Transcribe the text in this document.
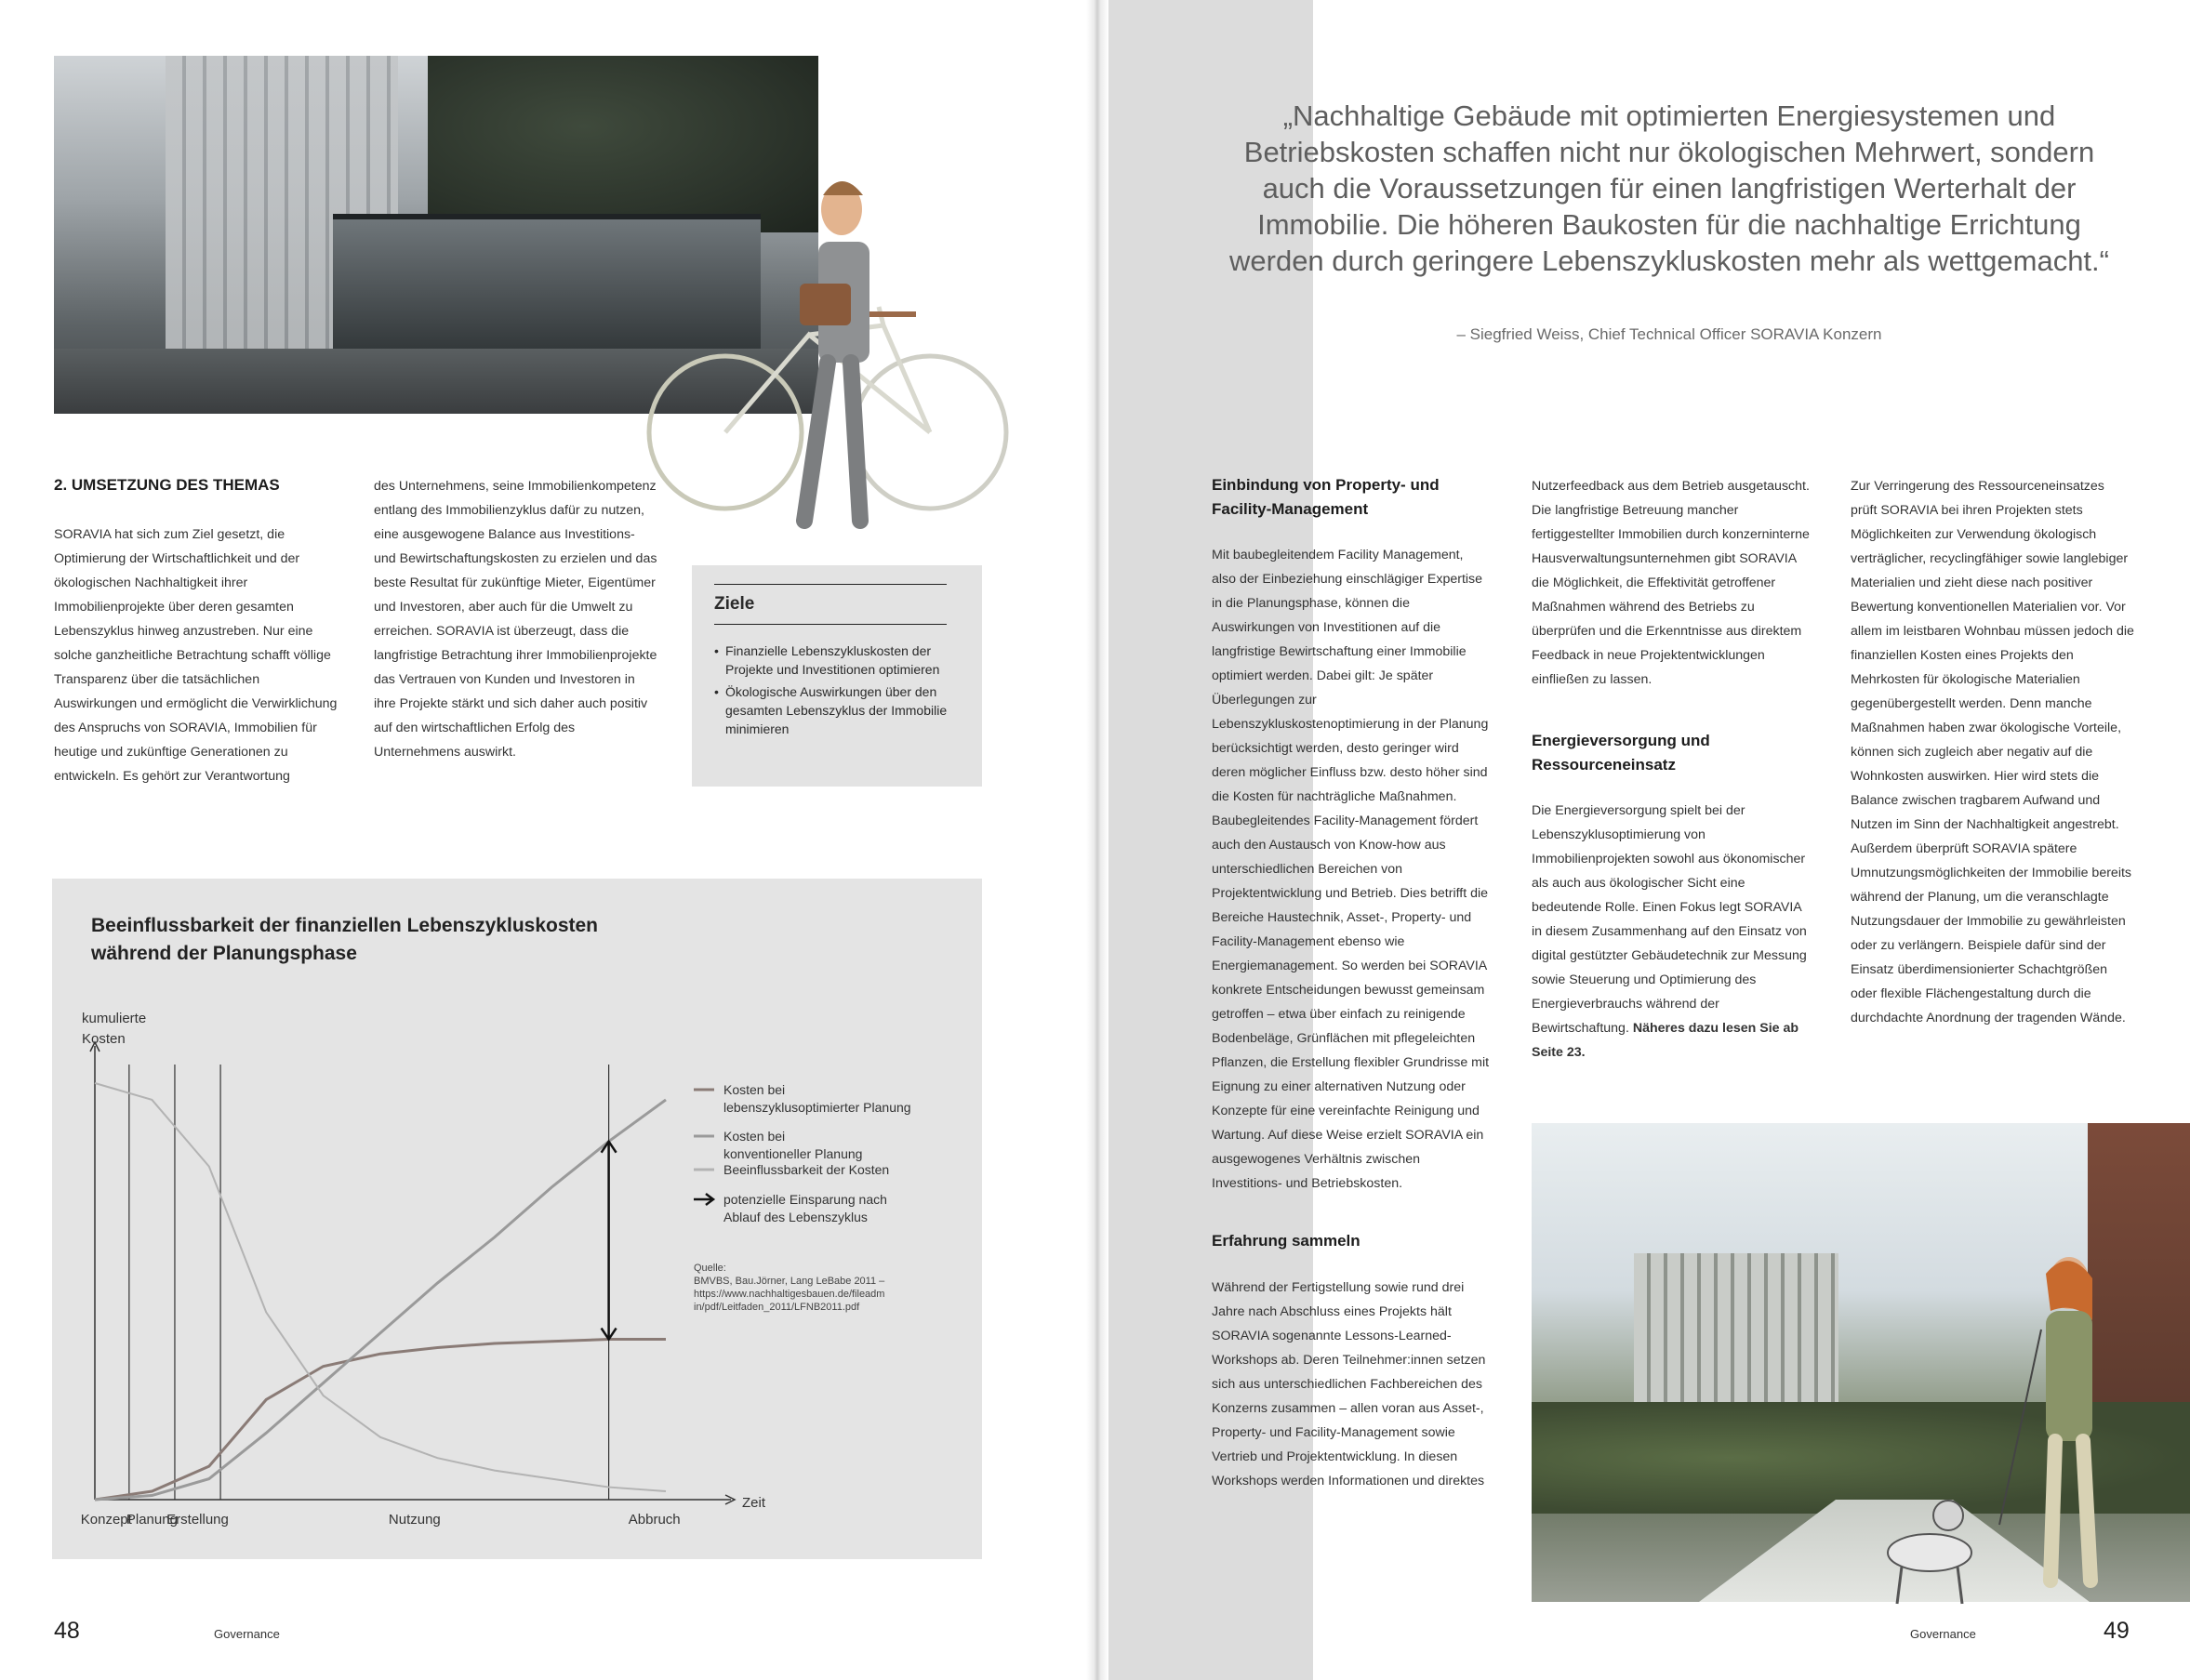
2. UMSETZUNG DES THEMAS

SORAVIA hat sich zum Ziel gesetzt, die Optimierung der Wirtschaftlichkeit und der ökologischen Nachhaltigkeit ihrer Immobilienprojekte über deren gesamten Lebenszyklus hinweg anzustreben. Nur eine solche ganzheitliche Betrachtung schafft völlige Transparenz über die tatsächlichen Auswirkungen und ermöglicht die Verwirklichung des Anspruchs von SORAVIA, Immobilien für heutige und zukünftige Generationen zu entwickeln. Es gehört zur Verantwortung

des Unternehmens, seine Immobilienkompetenz entlang des Immobilienzyklus dafür zu nutzen, eine ausgewogene Balance aus Investitions- und Bewirtschaftungskosten zu erzielen und das beste Resultat für zukünftige Mieter, Eigentümer und Investoren, aber auch für die Umwelt zu erreichen. SORAVIA ist überzeugt, dass die langfristige Betrachtung ihrer Immobilienprojekte das Vertrauen von Kunden und Investoren in ihre Projekte stärkt und sich daher auch positiv auf den wirtschaftlichen Erfolg des Unternehmens auswirkt.

Ziele
• Finanzielle Lebenszykluskosten der Projekte und Investitionen optimieren
• Ökologische Auswirkungen über den gesamten Lebenszyklus der Immobilie minimieren
Beeinflussbarkeit der finanziellen Lebenszykluskosten während der Planungsphase
kumulierte Kosten
Konzept
Planung
Erstellung	Nutzung	Abbruch
Zeit
Kosten bei lebenszyklusoptimierter Planung
Kosten bei konventioneller Planung
Beeinflussbarkeit der Kosten
potenzielle Einsparung nach Ablauf des Lebenszyklus
Quelle: BMVBS, Bau.Jörner, Lang LeBabe 2011 – https://www.nachhaltigesbauen.de/fileadm in/pdf/Leitfaden_2011/LFNB2011.pdf
48	Governance
„Nachhaltige Gebäude mit optimierten Energiesystemen und Betriebskosten schaffen nicht nur ökologischen Mehrwert, sondern auch die Voraussetzungen für einen langfristigen Werterhalt der Immobilie. Die höheren Baukosten für die nachhaltige Errichtung werden durch geringere Lebenszykluskosten mehr als wettgemacht.“
– Siegfried Weiss, Chief Technical Officer SORAVIA Konzern
Einbindung von Property- und Facility-Management
Mit baubegleitendem Facility Management, also der Einbeziehung einschlägiger Expertise in die Planungsphase, können die Auswirkungen von Investitionen auf die langfristige Bewirtschaftung einer Immobilie optimiert werden. Dabei gilt: Je später Überlegungen zur Lebenszykluskostenoptimierung in der Planung berücksichtigt werden, desto geringer wird deren möglicher Einfluss bzw. desto höher sind die Kosten für nachträgliche Maßnahmen. Baubegleitendes Facility-Management fördert auch den Austausch von Know-how aus unterschiedlichen Bereichen von Projektentwicklung und Betrieb. Dies betrifft die Bereiche Haustechnik, Asset-, Property- und Facility-Management ebenso wie Energiemanagement. So werden bei SORAVIA konkrete Entscheidungen bewusst gemeinsam getroffen – etwa über einfach zu reinigende Bodenbeläge, Grünflächen mit pflegeleichten Pflanzen, die Erstellung flexibler Grundrisse mit Eignung zu einer alternativen Nutzung oder Konzepte für eine vereinfachte Reinigung und Wartung. Auf diese Weise erzielt SORAVIA ein ausgewogenes Verhältnis zwischen Investitions- und Betriebskosten.
Erfahrung sammeln
Während der Fertigstellung sowie rund drei Jahre nach Abschluss eines Projekts hält SORAVIA sogenannte Lessons-Learned-Workshops ab. Deren Teilnehmer:innen setzen sich aus unterschiedlichen Fachbereichen des Konzerns zusammen – allen voran aus Asset-, Property- und Facility-Management sowie Vertrieb und Projektentwicklung. In diesen Workshops werden Informationen und direktes
Nutzerfeedback aus dem Betrieb ausgetauscht. Die langfristige Betreuung mancher fertiggestellter Immobilien durch konzerninterne Hausverwaltungsunternehmen gibt SORAVIA die Möglichkeit, die Effektivität getroffener Maßnahmen während des Betriebs zu überprüfen und die Erkenntnisse aus direktem Feedback in neue Projektentwicklungen einfließen zu lassen.
Energieversorgung und Ressourceneinsatz
Die Energieversorgung spielt bei der Lebenszyklusoptimierung von Immobilienprojekten sowohl aus ökonomischer als auch aus ökologischer Sicht eine bedeutende Rolle. Einen Fokus legt SORAVIA in diesem Zusammenhang auf den Einsatz von digital gestützter Gebäudetechnik zur Messung sowie Steuerung und Optimierung des Energieverbrauchs während der Bewirtschaftung. Näheres dazu lesen Sie ab Seite 23.
Zur Verringerung des Ressourceneinsatzes prüft SORAVIA bei ihren Projekten stets Möglichkeiten zur Verwendung ökologisch verträglicher, recyclingfähiger sowie langlebiger Materialien und zieht diese nach positiver Bewertung konventionellen Materialien vor. Vor allem im leistbaren Wohnbau müssen jedoch die finanziellen Kosten eines Projekts den Mehrkosten für ökologische Materialien gegenübergestellt werden. Denn manche Maßnahmen haben zwar ökologische Vorteile, können sich zugleich aber negativ auf die Wohnkosten auswirken. Hier wird stets die Balance zwischen tragbarem Aufwand und Nutzen im Sinn der Nachhaltigkeit angestrebt. Außerdem überprüft SORAVIA spätere Umnutzungsmöglichkeiten der Immobilie bereits während der Planung, um die veranschlagte Nutzungsdauer der Immobilie zu gewährleisten oder zu verlängern. Beispiele dafür sind der Einsatz überdimensionierter Schachtgrößen oder flexible Flächengestaltung durch die durchdachte Anordnung der tragenden Wände.
Governance	49
